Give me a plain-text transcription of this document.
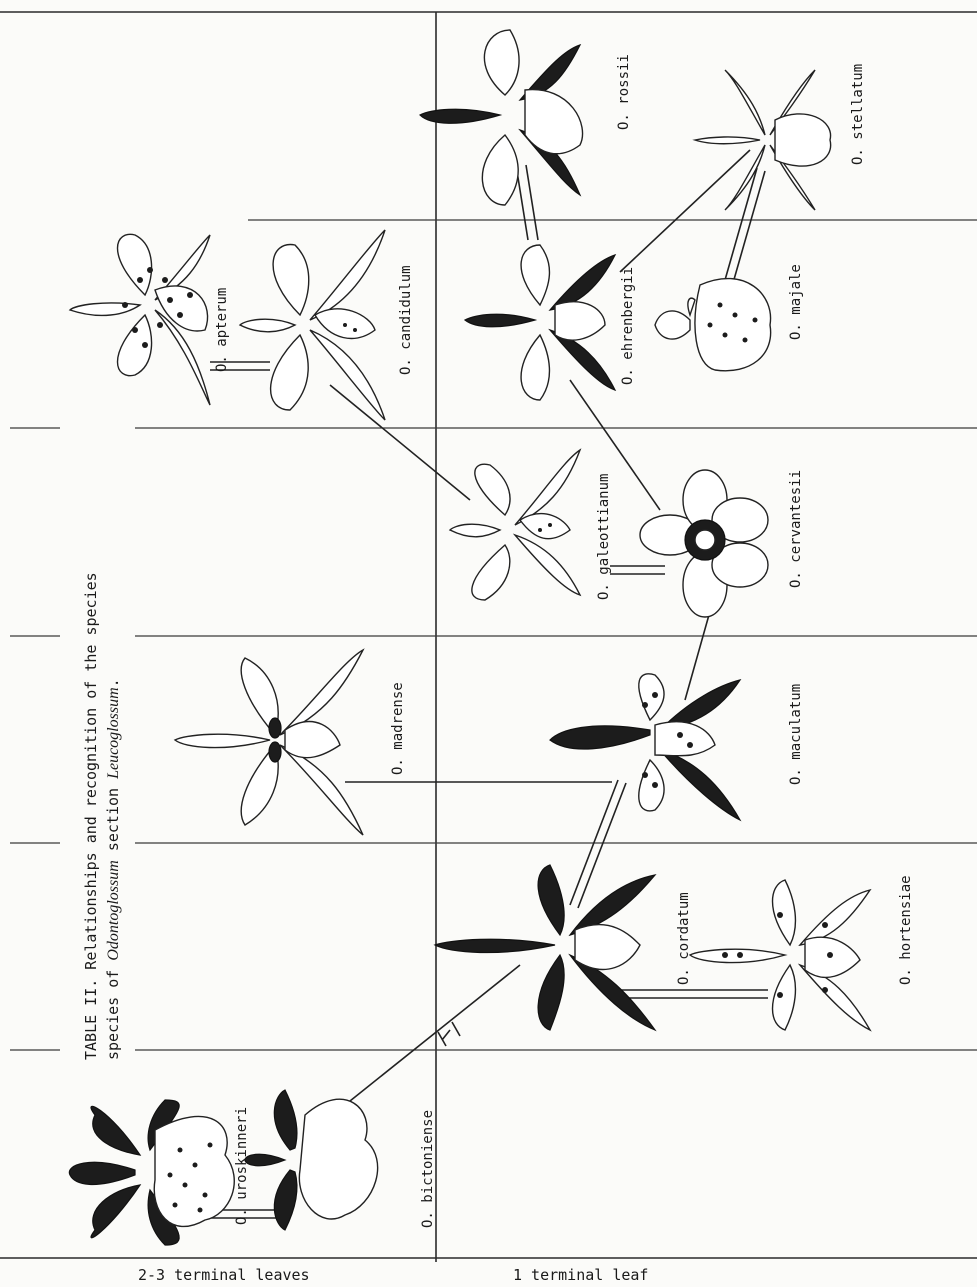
TABLE II. Relationships and recognition of the species species of Odontoglossum section Leucoglossum.
O. uroskinneri	O. bictoniense
O. madrense
O. apterum	O. candidulum
O. cordatum	O. hortensiae
O. maculatum
O. galeottianum	O. cervantesii
O. ehrenbergii	O. majale
O. rossii	O. stellatum
2-3 terminal leaves	1 terminal leaf
